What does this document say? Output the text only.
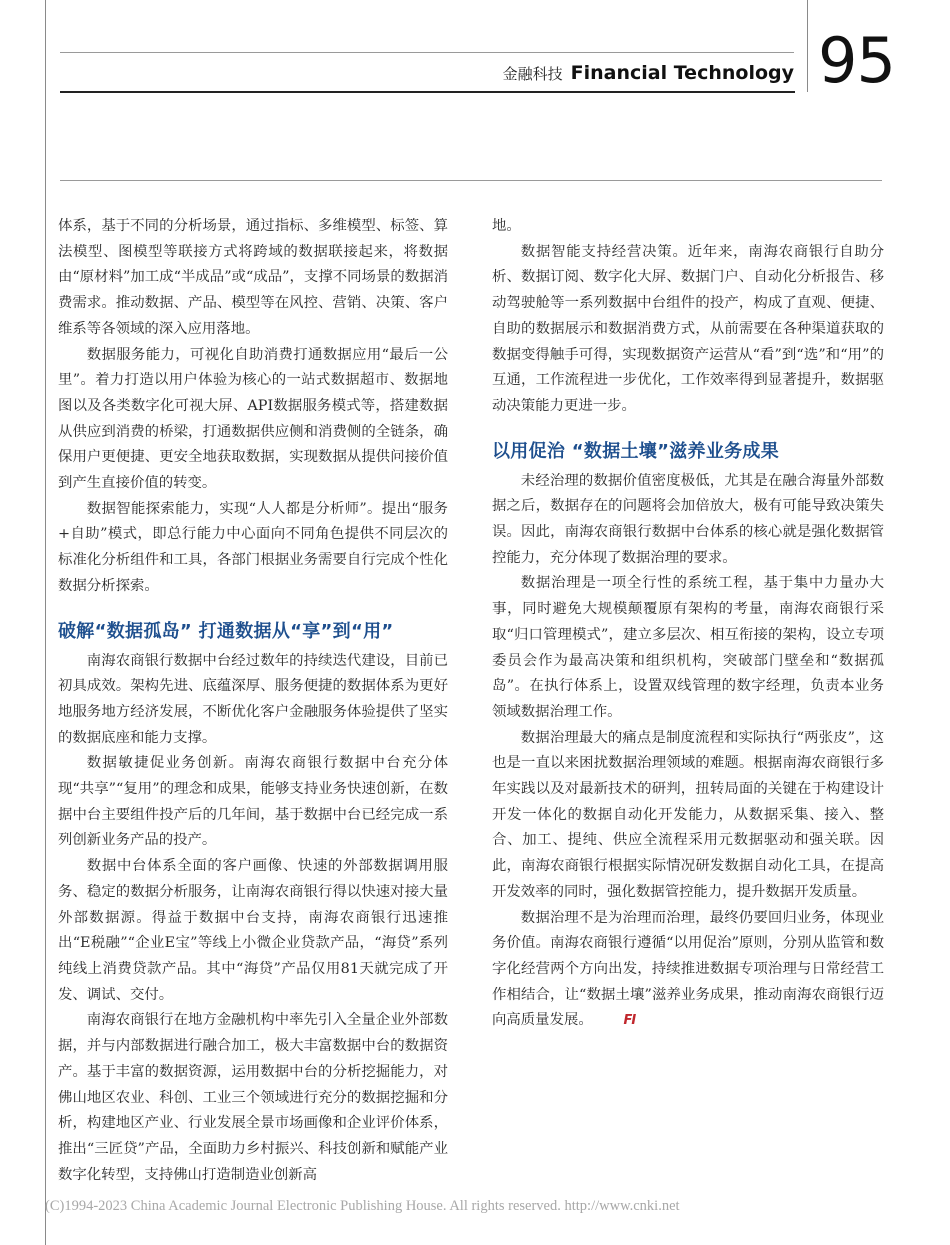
金融科技 Financial Technology 95

体系，基于不同的分析场景，通过指标、多维模型、标签、算法模型、图模型等联接方式将跨域的数据联接起来，将数据由“原材料”加工成“半成品”或“成品”，支撑不同场景的数据消费需求。推动数据、产品、模型等在风控、营销、决策、客户维系等各领域的深入应用落地。

数据服务能力，可视化自助消费打通数据应用“最后一公里”。着力打造以用户体验为核心的一站式数据超市、数据地图以及各类数字化可视大屏、API数据服务模式等，搭建数据从供应到消费的桥梁，打通数据供应侧和消费侧的全链条，确保用户更便捷、更安全地获取数据，实现数据从提供问接价值到产生直接价值的转变。

数据智能探索能力，实现“人人都是分析师”。提出“服务+自助”模式，即总行能力中心面向不同角色提供不同层次的标准化分析组件和工具，各部门根据业务需要自行完成个性化数据分析探索。

破解“数据孤岛” 打通数据从“享”到“用”

南海农商银行数据中台经过数年的持续迭代建设，目前已初具成效。架构先进、底蕴深厚、服务便捷的数据体系为更好地服务地方经济发展，不断优化客户金融服务体验提供了坚实的数据底座和能力支撑。

数据敏捷促业务创新。南海农商银行数据中台充分体现“共享”“复用”的理念和成果，能够支持业务快速创新，在数据中台主要组件投产后的几年间，基于数据中台已经完成一系列创新业务产品的投产。

数据中台体系全面的客户画像、快速的外部数据调用服务、稳定的数据分析服务，让南海农商银行得以快速对接大量外部数据源。得益于数据中台支持，南海农商银行迅速推出“E税融”“企业E宝”等线上小微企业贷款产品，“海贷”系列纯线上消费贷款产品。其中“海贷”产品仅用81天就完成了开发、调试、交付。

南海农商银行在地方金融机构中率先引入全量企业外部数据，并与内部数据进行融合加工，极大丰富数据中台的数据资产。基于丰富的数据资源，运用数据中台的分析挖掘能力，对佛山地区农业、科创、工业三个领域进行充分的数据挖掘和分析，构建地区产业、行业发展全景市场画像和企业评价体系，推出“三匠贷”产品，全面助力乡村振兴、科技创新和赋能产业数字化转型，支持佛山打造制造业创新高

地。

数据智能支持经营决策。近年来，南海农商银行自助分析、数据订阅、数字化大屏、数据门户、自动化分析报告、移动驾驶舱等一系列数据中台组件的投产，构成了直观、便捷、自助的数据展示和数据消费方式，从前需要在各种渠道获取的数据变得触手可得，实现数据资产运营从“看”到“选”和“用”的互通，工作流程进一步优化，工作效率得到显著提升，数据驱动决策能力更进一步。

以用促治 “数据土壤”滋养业务成果

未经治理的数据价值密度极低，尤其是在融合海量外部数据之后，数据存在的问题将会加倍放大，极有可能导致决策失误。因此，南海农商银行数据中台体系的核心就是强化数据管控能力，充分体现了数据治理的要求。

数据治理是一项全行性的系统工程，基于集中力量办大事，同时避免大规模颠覆原有架构的考量，南海农商银行采取“归口管理模式”，建立多层次、相互衔接的架构，设立专项委员会作为最高决策和组织机构，突破部门壁垒和“数据孤岛”。在执行体系上，设置双线管理的数字经理，负责本业务领域数据治理工作。

数据治理最大的痛点是制度流程和实际执行“两张皮”，这也是一直以来困扰数据治理领域的难题。根据南海农商银行多年实践以及对最新技术的研判，扭转局面的关键在于构建设计开发一体化的数据自动化开发能力，从数据采集、接入、整合、加工、提纯、供应全流程采用元数据驱动和强关联。因此，南海农商银行根据实际情况研发数据自动化工具，在提高开发效率的同时，强化数据管控能力，提升数据开发质量。

数据治理不是为治理而治理，最终仍要回归业务，体现业务价值。南海农商银行遵循“以用促治”原则，分别从监管和数字化经营两个方向出发，持续推进数据专项治理与日常经营工作相结合，让“数据土壤”滋养业务成果，推动南海农商银行迈向高质量发展。 FI

(C)1994-2023 China Academic Journal Electronic Publishing House. All rights reserved. http://www.cnki.net
